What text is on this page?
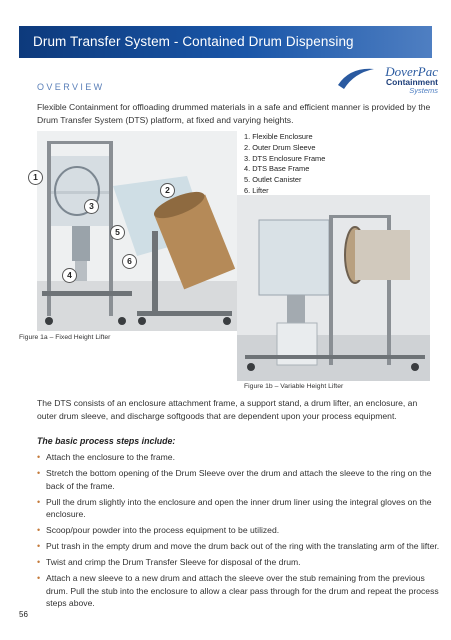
Drum Transfer System - Contained Drum Dispensing
DoverPac
Containment
Systems
OVERVIEW
Flexible Containment for offloading drummed materials in a safe and efficient manner is provided by the Drum Transfer System (DTS) platform, at fixed and varying heights.
1
2
3
5
6
4
1. Flexible Enclosure
2. Outer Drum Sleeve
3. DTS Enclosure Frame
4. DTS Base Frame
5. Outlet Canister
6. Lifter
Figure 1a – Fixed Height Lifter
Figure 1b – Variable Height Lifter
The DTS consists of an enclosure attachment frame, a support stand, a drum lifter, an enclosure, an outer drum sleeve, and discharge softgoods that are dependent upon your process equipment.
The basic process steps include:
• Attach the enclosure to the frame.
• Stretch the bottom opening of the Drum Sleeve over the drum and attach the sleeve to the ring on the back of the frame.
• Pull the drum slightly into the enclosure and open the inner drum liner using the integral gloves on the enclosure.
• Scoop/pour powder into the process equipment to be utilized.
• Put trash in the empty drum and move the drum back out of the ring with the translating arm of the lifter.
• Twist and crimp the Drum Transfer Sleeve for disposal of the drum.
• Attach a new sleeve to a new drum and attach the sleeve over the stub remaining from the previous drum. Pull the stub into the enclosure to allow a clear pass through for the drum and repeat the process steps above.
56
